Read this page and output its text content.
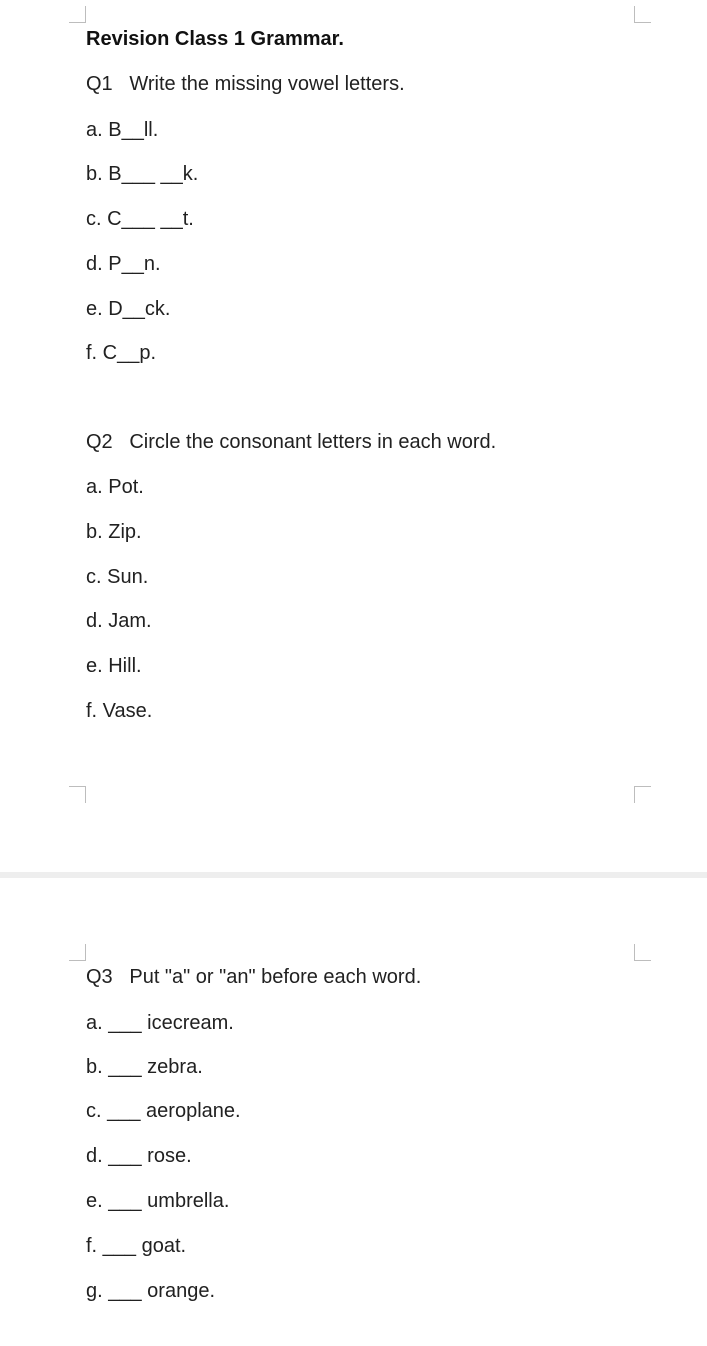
Revision Class 1 Grammar.

Q1   Write the missing vowel letters.

a. B__ll.

b. B___ __k.

c. C___ __t.

d. P__n.

e. D__ck.

f. C__p.

Q2   Circle the consonant letters in each word.

a. Pot.

b. Zip.

c. Sun.

d. Jam.

e. Hill.

f. Vase.

Q3   Put "a" or "an" before each word.

a. ___ icecream.

b. ___ zebra.

c. ___ aeroplane.

d. ___ rose.

e. ___ umbrella.

f. ___ goat.

g. ___ orange.
